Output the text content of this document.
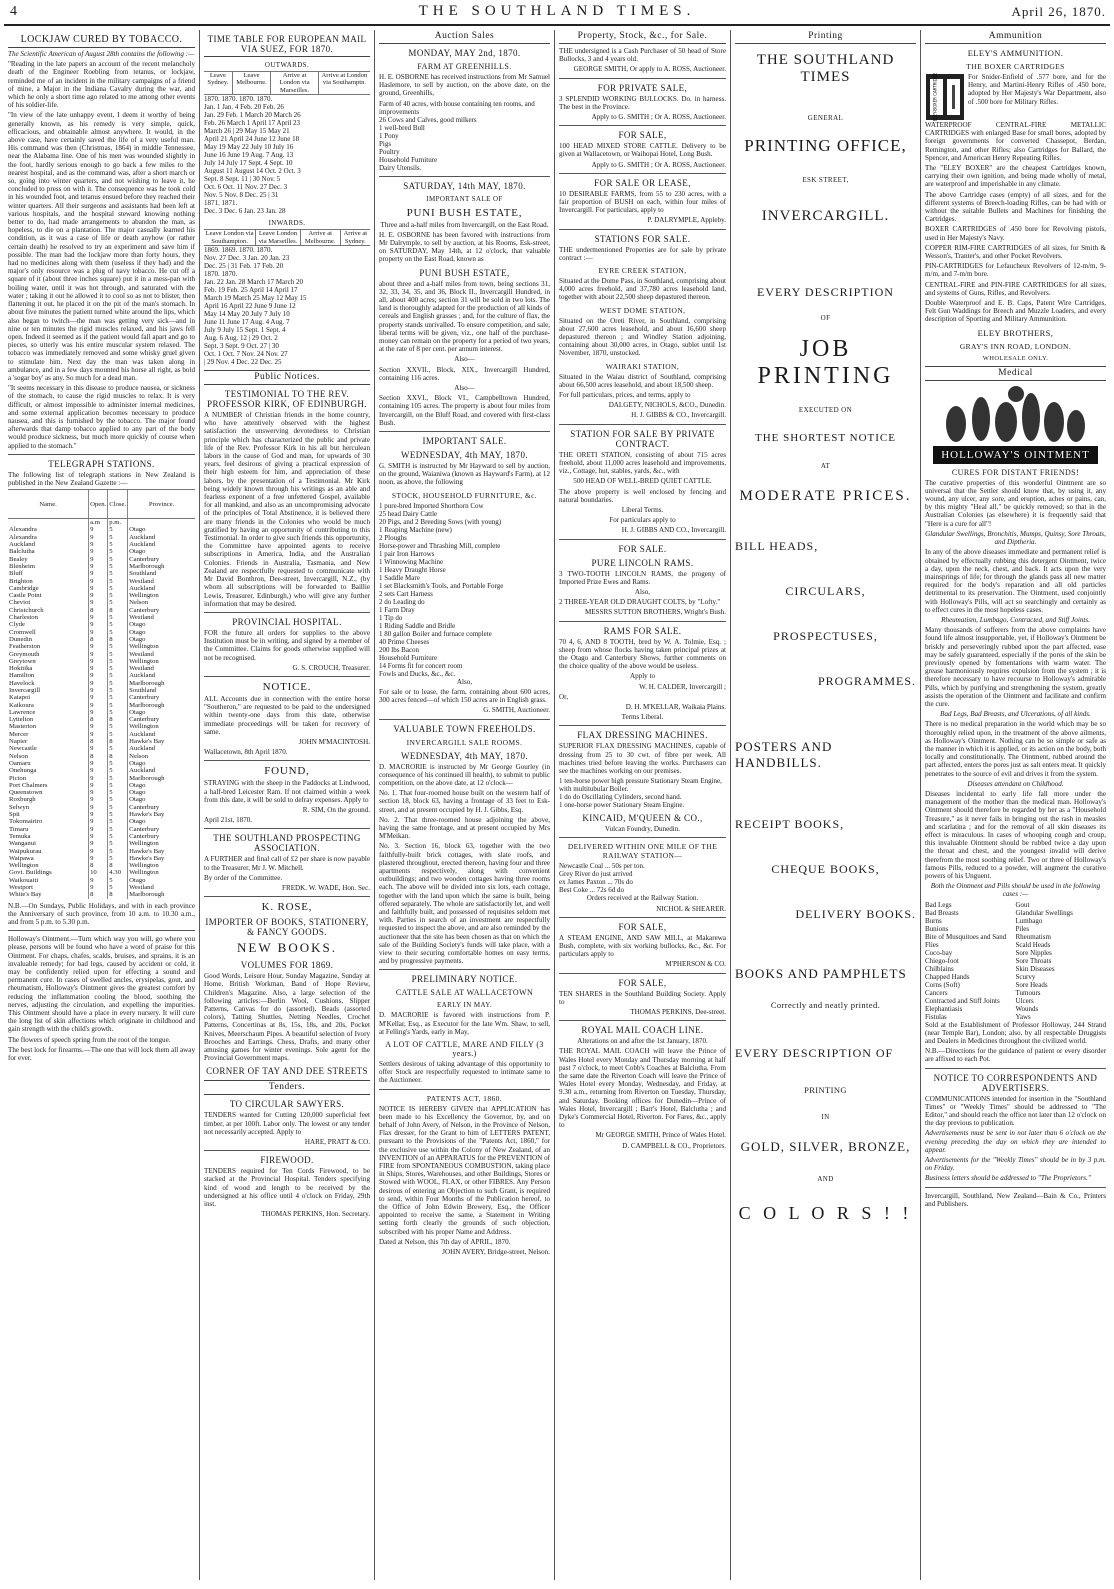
4	THE SOUTHLAND TIMES.	April 26, 1870.
LOCKJAW CURED BY TOBACCO.

The Scientific American of August 28th contains the following :—

"Reading in the late papers an account of the recent melancholy death of the Engineer Roebling from tetanus, or lockjaw, reminded me of an incident in the military campaigns of a friend of mine, a Major in the Indiana Cavalry during the war, and which he only a short time ago related to me among other events of his soldier-life.

"In view of the late unhappy event, I deem it worthy of being generally known, as his remedy is very simple, quick, efficacious, and obtainable almost anywhere. It would, in the above case, have certainly saved the life of a very useful man. His command was then (Christmas, 1864) in middle Tennessee, near the Alabama line. One of his men was wounded slightly in the foot, hardly serious enough to go back a few miles to the nearest hospital, and as the command was, after a short march or so, going into winter quarters, and not wishing to leave it, he concluded to press on with it. The consequence was he took cold in his wounded foot, and tetanus ensued before they reached their winter quarters. All their surgeons and assistants had been left at various hospitals, and the hospital steward knowing nothing better to do, had made arrangements to abandon the man, as hopeless, to die on a plantation. The major casually learned his condition, as it was a case of life or death anyhow (or rather certain death) he resolved to try an experiment and save him if possible. The man had the lockjaw more than forty hours, they had no medicines along with them (useless if they had) and the major's only resource was a plug of navy tobacco. He cut off a square of it (about three inches square) put it in a mess-pan with boiling water, until it was hot through, and saturated with the water ; taking it out he allowed it to cool so as not to blister, then flattening it out, he placed it on the pit of the man's stomach. In about five minutes the patient turned white around the lips, which also began to twitch—the man was getting very sick—and in nine or ten minutes the rigid muscles relaxed, and his jaws fell open. Indeed it seemed as if the patient would fall apart and go to pieces, so utterly was his entire muscular system relaxed. The tobacco was immediately removed and some whisky gruel given to stimulate him. Next day the man was taken along in ambulance, and in a few days mounted his horse all right, as bold a 'sogar boy' as any. So much for a dead man.

"It seems necessary in this disease to produce nausea, or sickness of the stomach, to cause the rigid muscles to relax. It is very difficult, or almost impossible to administer internal medicines, and some external application becomes necessary to produce nausea, and this is furnished by the tobacco. The major found afterwards that damp tobacco applied to any part of the body would produce sickness, but much more quickly of course when applied to the stomach."

TELEGRAPH STATIONS.

The following list of telegraph stations in New Zealand is published in the New Zealand Gazette :—

Name.	Open.	Close.	Province.
	a.m	p.m.	
Alexandra	9	5	Otago
Alexandra	9	5	Auckland
Auckland	9	5	Auckland
Balclutha	9	5	Otago
Bealey	9	5	Canterbury
Blenheim	9	5	Marlborough
Bluff	9	5	Southland
Brighton	9	5	Westland
Cambridge	9	5	Auckland
Castle Point	9	5	Wellington
Cheviot	9	5	Nelson
Christchurch	8	8	Canterbury
Charleston	9	5	Westland
Clyde	9	5	Otago
Cromwell	9	5	Otago
Dunedin	8	8	Otago
Featherston	9	5	Wellington
Greymouth	9	5	Westland
Greytown	9	5	Wellington
Hokitika	9	5	Westland
Hamilton	9	5	Auckland
Havelock	9	5	Marlborough
Invercargill	9	5	Southland
Kaiapoi	9	5	Canterbury
Kaikoura	9	5	Marlborough
Lawrence	9	5	Otago
Lyttelton	8	8	Canterbury
Masterton	9	5	Wellington
Mercer	9	5	Auckland
Napier	8	8	Hawke's Bay
Newcastle	9	5	Auckland
Nelson	8	8	Nelson
Oamaru	9	5	Otago
Onehunga	9	5	Auckland
Picton	9	5	Marlborough
Port Chalmers	9	5	Otago
Queenstown	9	5	Otago
Roxburgh	9	5	Otago
Selwyn	9	5	Canterbury
Spit	9	5	Hawke's Bay
Tokomairiro	9	5	Otago
Timaru	9	5	Canterbury
Temuka	9	5	Canterbury
Wanganui	9	5	Wellington
Waipukurau	9	5	Hawke's Bay
Waipawa	9	5	Hawke's Bay
Wellington	8	8	Wellington
Govt. Buildings	10	4.30	Wellington
Waikouaiti	9	5	Otago
Westport	9	5	Westland
White's Bay	8	8	Marlborough

N.B.—On Sundays, Public Holidays, and with in each province the Anniversary of such province, from 10 a.m. to 10.30 a.m., and from 5 p.m. to 5.30 p.m.

Holloway's Ointment.—Turn which way you will, go where you please, persons will be found who have a word of praise for this Ointment. For chaps, chafes, scalds, bruises, and sprains, it is an invaluable remedy; for bad legs, caused by accident or cold, it may be confidently relied upon for effecting a sound and permanent cure. In cases of swelled ancles, erysipelas, gout, and rheumatism, Holloway's Ointment gives the greatest comfort by reducing the inflammation cooling the blood, soothing the nerves, adjusting the circulation, and expelling the impurities. This Ointment should have a place in every nursery. It will cure the long list of skin affections which originate in childhood and gain strength with the child's growth.

The flowers of speech spring from the root of the tongue.

The best lock for firearms.—The one that will lock them all away for ever.

TIME TABLE FOR EUROPEAN MAIL VIA SUEZ, FOR 1870.
OUTWARDS.
Leave Sydney.	Leave Melbourne.	Arrive at London via Marseilles.	Arrive at London via Southamptn.
1870. 1870. 1870. 1870.
Jan. 1 Jan. 4 Feb. 20 Feb. 26
Jan. 29 Feb. 1 March 20 March 26
Feb. 26 March 1 April 17 April 23
March 26 | 29 May 15 May 21
April 21 April 24 June 12 June 18
May 19 May 22 July 10 July 16
June 16 June 19 Aug. 7 Aug. 13
July 14 July 17 Sept. 4 Sept. 10
August 11 August 14 Oct. 2 Oct. 3
Sept. 8 Sept. 11 | 30 Nov. 5
Oct. 6 Oct. 11 Nov. 27 Dec. 3
Nov. 5 Nov. 8 Dec. 25 | 31
1871. 1871.
Dec. 3 Dec. 6 Jan. 23 Jan. 28
INWARDS.
Leave London via Southampton.	Leave London via Marseilles.	Arrive at Melbourne.	Arrive at Sydney.
1869. 1869. 1870. 1870.
Nov. 27 Dec. 3 Jan. 20 Jan. 23
Dec. 25 | 31 Feb. 17 Feb. 20
1870. 1870.
Jan. 22 Jan. 28 March 17 March 20
Feb. 19 Feb. 25 April 14 April 17
March 19 March 25 May 12 May 15
April 16 April 22 June 9 June 12
May 14 May 20 July 7 July 10
June 11 June 17 Aug. 4 Aug. 7
July 9 July 15 Sept. 1 Sept. 4
Aug. 6 Aug. 12 | 29 Oct. 2
Sept. 3 Sept. 9 Oct. 27 | 30
Oct. 1 Oct. 7 Nov. 24 Nov. 27
| 29 Nov. 4 Dec. 22 Dec. 25
Public Notices.
TESTIMONIAL TO THE REV. PROFESSOR KIRK, OF EDINBURGH.

A NUMBER of Christian friends in the home country, who have attentively observed with the highest satisfaction the unswerving devotedness to Christian principle which has characterized the public and private life of the Rev. Professor Kirk in his all but herculean labors in the cause of God and man, for upwards of 30 years, feel desirous of giving a practical expression of their high esteem for him, and appreciation of these labors, by the presentation of a Testimonial. Mr Kirk being widely known through his writings as an able and fearless exponent of a free unfettered Gospel, available for all mankind, and also as an uncompromising advocate of the principles of Total Abstinence, it is believed there are many friends in the Colonies who would be much gratified by having an opportunity of contributing to this Testimonial. In order to give such friends this opportunity, the Committee have appointed agents to receive subscriptions in America, India, and the Australian Colonies. Friends in Australia, Tasmania, and New Zealand are respectfully requested to communicate with Mr David Bonthron, Dee-street, Invercargill, N.Z., (by whom all subscriptions will be forwarded to Baillie Lewis, Treasurer, Edinburgh,) who will give any further information that may be desired.

PROVINCIAL HOSPITAL.

FOR the future all orders for supplies to the above Institution must be in writing, and signed by a member of the Committee. Claims for goods otherwise supplied will not be recognised.

G. S. CROUCH, Treasurer.

NOTICE.

ALL Accounts due in connection with the entire horse "Southeron," are requested to be paid to the undersigned within twenty-one days from this date, otherwise immediate proceedings will be taken for recovery of same.

JOHN M'MACINTOSH.

Wallacetown, 8th April 1870.

FOUND,

STRAYING with the sheep in the Paddocks at Lindwood, a half-bred Leicester Ram. If not claimed within a week from this date, it will be sold to defray expenses. Apply to

R. SIM, On the ground.

April 21st, 1870.

THE SOUTHLAND PROSPECTING ASSOCIATION.

A FURTHER and final call of £2 per share is now payable to the Treasurer, Mr J. W. Mitchell.

By order of the Committee.

FREDK. W. WADE, Hon. Sec.

K. ROSE,
IMPORTER OF BOOKS, STATIONERY, & FANCY GOODS.
NEW BOOKS.
VOLUMES FOR 1869.

Good Words, Leisure Hour, Sunday Magazine, Sunday at Home, British Workman, Band of Hope Review, Children's Magazine. Also, a large selection of the following articles:—Berlin Wool, Cushions, Slipper Patterns, Canvas for do (assorted), Beads (assorted colors), Tatting Shuttles, Netting Needles, Crochet Patterns, Concertinas at 8s, 15s, 18s, and 20s, Pocket Knives, Meerschaum Pipes. A beautiful selection of Ivory Brooches and Earrings. Chess, Drafts, and many other amusing games for winter evenings. Sole agent for the Provincial Government maps.

CORNER OF TAY AND DEE STREETS
Tenders.
TO CIRCULAR SAWYERS.

TENDERS wanted for Cutting 120,000 superficial feet timber, at per 100ft. Labor only. The lowest or any tender not necessarily accepted. Apply to

HARE, PRATT & CO.

FIREWOOD.

TENDERS required for Ten Cords Firewood, to be stacked at the Provincial Hospital. Tenders specifying kind of wood and length to be received by the undersigned at his office until 4 o'clock on Friday, 29th inst.

THOMAS PERKINS, Hon. Secretary.

Auction Sales
MONDAY, MAY 2nd, 1870.
FARM AT GREENHILLS.

H. E. OSBORNE has received instructions from Mr Samuel Haslemore, to sell by auction, on the above date, on the ground, Greenhills,

Farm of 40 acres, with house containing ten rooms, and improvements
26 Cows and Calves, good milkers
1 well-bred Bull
1 Pony
Pigs
Poultry
Household Furniture
Dairy Utensils.
SATURDAY, 14th MAY, 1870.
IMPORTANT SALE OF
PUNI BUSH ESTATE,

Three and a-half miles from Invercargill, on the East Road.

H. E. OSBORNE has been favored with instructions from Mr Dalrymple, to sell by auction, at his Rooms, Esk-street, on SATURDAY, May 14th, at 12 o'clock, that valuable property on the East Road, known as

PUNI BUSH ESTATE,

about three and a-half miles from town, being sections 31, 32, 33, 34, 35, and 36, Block II., Invercargill Hundred, in all, about 400 acres; section 31 will be sold in two lots. The land is thoroughly adapted for the production of all kinds of cereals and English grasses ; and, for the culture of flax, the property stands unrivalled. To ensure competition, and sale, liberal terms will be given, viz., one half of the purchase-money can remain on the property for a period of two years, at the rate of 8 per cent. per annum interest.

Also—

Section XXVII., Block, XIX., Invercargill Hundred, containing 116 acres.

Also—

Section XXVI., Block VI., Campbelltown Hundred, containing 105 acres. The property is about four miles from Invercargill, on the Bluff Road, and covered with first-class Bush.

IMPORTANT SALE.
WEDNESDAY, 4th MAY, 1870.

G. SMITH is instructed by Mr Hayward to sell by auction, on the ground, Waianiwa (known as Hayward's Farm), at 12 noon, as above, the following

STOCK, HOUSEHOLD FURNITURE, &c.
1 pure-bred Imported Shorthorn Cow
25 head Dairy Cattle
20 Pigs, and 2 Breeding Sows (with young)
1 Reaping Machine (new)
2 Ploughs
Horse-power and Thrashing Mill, complete
1 pair Iron Harrows
1 Winnowing Machine
1 Heavy Draught Horse
1 Saddle Mare
1 set Blacksmith's Tools, and Portable Forge
2 sets Cart Harness
2 do Leading do
1 Farm Dray
1 Tip do
1 Riding Saddle and Bridle
1 80 gallon Boiler and furnace complete
40 Prime Cheeses
200 lbs Bacon
Household Furniture
14 Forms fit for concert room
Fowls and Ducks, &c., &c.

Also,

For sale or to lease, the farm, containing about 600 acres, 300 acres fenced—of which 150 acres are in English grass.

G. SMITH, Auctioneer.

VALUABLE TOWN FREEHOLDS.
INVERCARGILL SALE ROOMS.
WEDNESDAY, 4th MAY, 1870.

D. MACRORIE is instructed by Mr George Gourley (in consequence of his continued ill health), to submit to public competition, on the above date, at 12 o'clock—

No. 1. That four-roomed house built on the western half of section 18, block 63, having a frontage of 33 feet to Esk-street, and at present occupied by H. J. Gibbs, Esq.

No. 2. That three-roomed house adjoining the above, having the same frontage, and at present occupied by Mrs M'Meikan.

No. 3. Section 16, block 63, together with the two faithfully-built brick cottages, with slate roofs, and plastered throughout, erected thereon, having four and three apartments respectively, along with convenient outbuildings; and two wooden cottages having three rooms each. The above will be divided into six lots, each cottage, together with the land upon which the same is built, being offered separately. The whole are satisfactorily let, and well and faithfully built, and possessed of requisites seldom met with. Parties in search of an investment are respectfully requested to inspect the above, and are also reminded by the auctioneer that the site has been chosen as that on which the sale of the Building Society's funds will take place, with a view to their securing comfortable homes on easy terms, and by progressive payments.

PRELIMINARY NOTICE.
CATTLE SALE AT WALLACETOWN
EARLY IN MAY.

D. MACRORIE is favored with instructions from P. M'Kellar, Esq., as Executor for the late Wm. Shaw, to sell, at Felling's Yards, early in May,

A LOT OF CATTLE, MARE AND FILLY (3 years.)

Settlers desirous of taking advantage of this opportunity to offer Stock are respectfully requested to intimate same to the Auctioneer.

PATENTS ACT, 1860.

NOTICE IS HEREBY GIVEN that APPLICATION has been made to his Excellency the Governor, by, and on behalf of John Avery, of Nelson, in the Province of Nelson, Flax dresser, for the Grant to him of LETTERS PATENT, pursuant to the Provisions of the "Patents Act, 1860," for the exclusive use within the Colony of New Zealand, of an INVENTION of an APPARATUS for the PREVENTION of FIRE from SPONTANEOUS COMBUSTION, taking place in Ships, Stores, Warehouses, and other Buildings, Stores or Stowed with WOOL, FLAX, or other FIBRES. Any Person desirous of entering an Objection to such Grant, is required to send, within Four Months of the Publication hereof, to the Office of John Edwin Brewery, Esq., the Officer appointed to receive the same, a Statement in Writing setting forth clearly the grounds of such objection, subscribed with his proper Name and Address.

Dated at Nelson, this 7th day of APRIL, 1870.

JOHN AVERY, Bridge-street, Nelson.

Property, Stock, &c., for Sale.

THE undersigned is a Cash Purchaser of 50 head of Store Bullocks, 3 and 4 years old.

GEORGE SMITH, Or apply to A. ROSS, Auctioneer.

FOR PRIVATE SALE,

3 SPLENDID WORKING BULLOCKS. Do. in harness. The best in the Province.

Apply to G. SMITH ; Or A. ROSS, Auctioneer.

FOR SALE,

100 HEAD MIXED STORE CATTLE. Delivery to be given at Wallacetown, or Waihopai Hotel, Long Bush.

Apply to G. SMITH ; Or A. ROSS, Auctioneer.

FOR SALE OR LEASE,

10 DESIRABLE FARMS, from 55 to 230 acres, with a fair proportion of BUSH on each, within four miles of Invercargill. For particulars, apply to

P. DALRYMPLE, Appleby.

STATIONS FOR SALE.

THE undermentioned Properties are for sale by private contract :—

EYRE CREEK STATION,

Situated at the Dome Pass, in Southland, comprising about 4,000 acres freehold, and 37,780 acres leasehold land, together with about 22,500 sheep depastured thereon.

WEST DOME STATION,

Situated on the Oreti River, in Southland, comprising about 27,600 acres leasehold, and about 16,600 sheep depastured thereon ; and Windley Station adjoining, containing about 30,000 acres, in Otago, sublet until 1st November, 1870, unstocked.

WAIRAKI STATION,

Situated in the Waiau district of Southland, comprising about 66,500 acres leasehold, and about 18,500 sheep.

For full particulars, prices, and terms, apply to

DALGETY, NICHOLS, &CO., Dunedin.

H. J. GIBBS & CO., Invercargill.

STATION FOR SALE BY PRIVATE CONTRACT.

THE ORETI STATION, consisting of about 715 acres freehold, about 11,000 acres leasehold and improvements, viz., Cottage, hut, stables, yards, &c., with

500 HEAD OF WELL-BRED QUIET CATTLE.

The above property is well enclosed by fencing and natural boundaries.

Liberal Terms.

For particulars apply to

H. J. GIBBS AND CO., Invercargill.

FOR SALE.
PURE LINCOLN RAMS.

3 TWO-TOOTH LINCOLN RAMS, the progeny of Imported Prize Ewes and Rams.

Also,

2 THREE-YEAR OLD DRAUGHT COLTS, by "Lofty."

MESSRS SUTTON BROTHERS, Wright's Bush.

RAMS FOR SALE.

70 4, 6, AND 8 TOOTH, bred by W. A. Tolmie, Esq. ; sheep from whose flocks having taken principal prizes at the Otago and Canterbury Shows, further comments on the choice quality of the above would be useless.

Apply to

W. H. CALDER, Invercargill ;

Or,

D. H. M'KELLAR, Waikaia Plains.

Terms Liberal.

FLAX DRESSING MACHINES.

SUPERIOR FLAX DRESSING MACHINES, capable of dressing from 25 to 30 cwt. of fibre per week. All machines tried before leaving the works. Purchasers can see the machines working on our premises.

1 ten-horse power high pressure Stationary Steam Engine, with multitubular Boiler.
1 do do Oscillating Cylinders, second hand.
1 one-horse power Stationary Steam Engine.
KINCAID, M'QUEEN & CO.,

Vulcan Foundry, Dunedin.

DELIVERED WITHIN ONE MILE OF THE RAILWAY STATION—
Newcastle Coal ... 50s per ton.
Grey River do just arrived
ex James Paxton ... 70s do
Best Coke ... 72s 6d do

Orders received at the Railway Station.

NICHOL & SHEARER.

FOR SALE,

A STEAM ENGINE, AND SAW MILL, at Makarewa Bush, complete, with six working bullocks, &c., &c. For particulars apply to

M'PHERSON & CO.

FOR SALE,

TEN SHARES in the Southland Building Society. Apply to

THOMAS PERKINS, Dee-street.

ROYAL MAIL COACH LINE.

Alterations on and after the 1st January, 1870.

THE ROYAL MAIL COACH will leave the Prince of Wales Hotel every Monday and Thursday morning at half past 7 o'clock, to meet Cobb's Coaches at Balclutha. From the same date the Riverton Coach will leave the Prince of Wales Hotel every Monday, Wednesday, and Friday, at 9.30 a.m., returning from Riverton on Tuesday, Thursday, and Saturday. Booking offices for Dunedin—Prince of Wales Hotel, Invercargill ; Barr's Hotel, Balclutha ; and Dyke's Commercial Hotel, Riverton. For Fares, &c., apply to

Mr GEORGE SMITH, Prince of Wales Hotel.

D. CAMPBELL & CO., Proprietors.

Printing
THE SOUTHLAND TIMES
GENERAL
PRINTING OFFICE,
ESK STREET,
INVERCARGILL.
EVERY DESCRIPTION
OF
JOB PRINTING
EXECUTED ON
THE SHORTEST NOTICE
AT
MODERATE PRICES.
BILL HEADS,
CIRCULARS,
PROSPECTUSES,
PROGRAMMES.
POSTERS AND HANDBILLS.
RECEIPT BOOKS,
CHEQUE BOOKS,
DELIVERY BOOKS.
BOOKS AND PAMPHLETS
Correctly and neatly printed.
EVERY DESCRIPTION OF
PRINTING
IN
GOLD, SILVER, BRONZE,
AND
C O L O R S ! !
Ammunition
ELEY'S AMMUNITION.
THE BOXER CARTRIDGES
ELEY-BOXER CARTRIDGE	For Snider-Enfield of .577 bore, and for the Henry, and Martini-Henry Rifles of .450 bore, adopted by Her Majesty's War Department, also of .500 bore for Military Rifles.

WATERPROOF CENTRAL-FIRE METALLIC CARTRIDGES with enlarged Base for small bores, adopted by foreign governments for converted Chassepot, Berdan, Remington, and other Rifles; also Cartridges for Ballard, the Spencer, and American Henry Repeating Rifles.

The "ELEY BOXER" are the cheapest Cartridges known, carrying their own ignition, and being made wholly of metal, are waterproof and imperishable in any climate.

The above Cartridge cases (empty) of all sizes, and for the different systems of Breech-loading Rifles, can be had with or without the suitable Bullets and Machines for finishing the Cartridges.

BOXER CARTRIDGES of .450 bore for Revolving pistols, used in Her Majesty's Navy.

COPPER RIM-FIRE CARTRIDGES of all sizes, for Smith & Wesson's, Tranter's, and other Pocket Revolvers.

PIN-CARTRIDGES for Lefaucheux Revolvers of 12-m/m, 9-m/m, and 7-m/m bore.

CENTRAL-FIRE and PIN-FIRE CARTRIDGES for all sizes, and systems of Guns, Rifles, and Revolvers.

Double Waterproof and E. B. Caps, Patent Wire Cartridges, Felt Gun Waddings for Breech and Muzzle Loaders, and every description of Sporting and Military Ammunition.

ELEY BROTHERS,
GRAY'S INN ROAD, LONDON.
WHOLESALE ONLY.
Medical
HOLLOWAY'S OINTMENT
CURES FOR DISTANT FRIENDS!

The curative properties of this wonderful Ointment are so universal that the Settler should know that, by using it, any wound, any ulcer, any sore, and eruption, aches or pains, can, by this mighty "Heal all," be quickly removed; so that in the Australian Colonies (as elsewhere) it is frequently said that "Here is a cure for all"!

Glandular Swellings, Bronchitis, Mumps, Quinsy, Sore Throats, and Diptheria.

In any of the above diseases immediate and permanent relief is obtained by effectually rubbing this detergent Ointment, twice a day, upon the neck, chest, and back. It acts upon the very mainsprings of life; for through the glands pass all new matter required for the body's reparation and all old particles detrimental to its preservation. The Ointment, used conjointly with Holloway's Pills, will act so searchingly and certainly as to effect cures in the most hopeless cases.

Rheumatism, Lumbago, Contracted, and Stiff Joints.

Many thousands of sufferers from the above complaints have found life almost insupportable, yet, if Holloway's Ointment be briskly and perseveringly rubbed upon the part affected, ease may be safely guaranteed, especially if the pores of the skin be previously opened by fomentations with warm water. The grease harmoniously requires expulsion from the system ; it is therefore necessary to have recourse to Holloway's admirable Pills, which by purifying and strengthening the system, greatly assists the operation of the Ointment and facilitate and confirm the cure.

Bad Legs, Bad Breasts, and Ulcerations, of all kinds.

There is no medical preparation in the world which may be so thoroughly relied upon, in the treatment of the above ailments, as Holloway's Ointment. Nothing can be so simple or safe as the manner in which it is applied, or its action on the body, both locally and constitutionally. The Ointment, rubbed around the part affected, enters the pores just as salt enters meat. It quickly penetrates to the source of evil and drives it from the system.

Diseases attendant on Childhood.

Diseases incidental to early life fall more under the management of the mother than the medical man. Holloway's Ointment should therefore be regarded by her as a "Household Treasure," as it never fails in bringing out the rash in measles and scarlatina ; and for the removal of all skin diseases its effect is miraculous. In cases of whooping cough and croup, this invaluable Ointment should be rubbed twice a day upon the throat and chest, and the youngest invalid will derive therefrom the most soothing relief. Two or three of Holloway's famous Pills, reduced to a powder, will augment the curative powers of his Unguent.

Both the Ointment and Pills should be used in the following cases :—

Bad Legs
Bad Breasts
Burns
Bunions
Bite of Musquitoes and Sand Flies
Coco-bay
Chiego-foot
Chilblains
Chapped Hands
Corns (Soft)
Cancers
Contracted and Stiff Joints
Elephantiasis
Fistulas
Gout
Glandular Swellings
Lumbago
Piles
Rheumatism
Scald Heads
Sore Nipples
Sore Throats
Skin Diseases
Scurvy
Sore Heads
Tumours
Ulcers
Wounds
Yaws

Sold at the Establishment of Professor Holloway, 244 Strand (near Temple Bar), London; also, by all respectable Druggists and Dealers in Medicines throughout the civilized world.

N.B.—Directions for the guidance of patient or every disorder are affixed to each Pot.

NOTICE TO CORRESPONDENTS AND ADVERTISERS.

COMMUNICATIONS intended for insertion in the "Southland Times" or "Weekly Times" should be addressed to "The Editor," and should reach the office not later than 12 o'clock on the day previous to publication.

Advertisements must be sent in not later than 6 o'clock on the evening preceding the day on which they are intended to appear.

Advertisements for the "Weekly Times" should be in by 3 p.m. on Friday.

Business letters should be addressed to "The Proprietors."

Invercargill, Southland, New Zealand—Bain & Co., Printers and Publishers.
